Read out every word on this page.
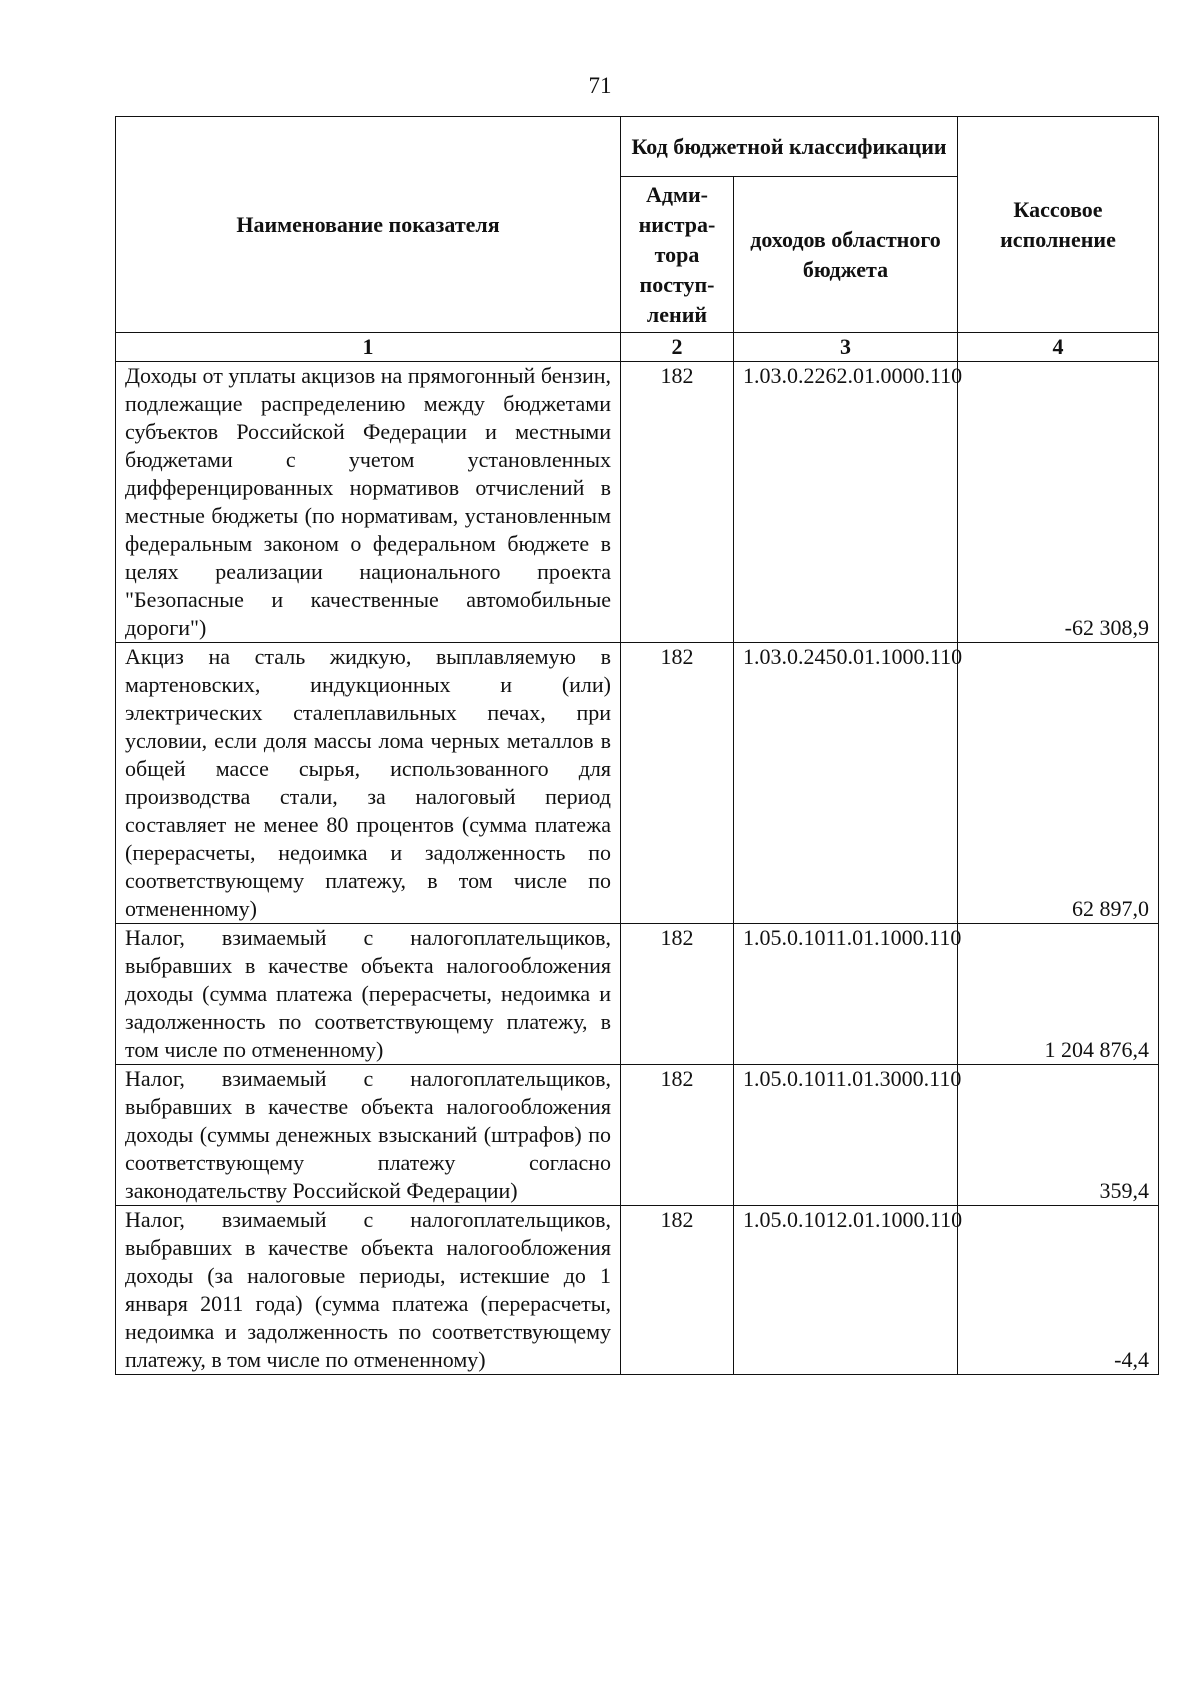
71
Наименование показателя	Код бюджетной классификации		Кассовое исполнение
	Адми-нистра-тора поступ-лений	доходов областного бюджета	
1	2	3	4
Доходы от уплаты акцизов на прямогонный бензин, подлежащие распределению между бюджетами субъектов Российской Федерации и местными бюджетами с учетом установленных дифференцированных нормативов отчислений в местные бюджеты (по нормативам, установленным федеральным законом о федеральном бюджете в целях реализации национального проекта "Безопасные и качественные автомобильные дороги")	182	1.03.0.2262.01.0000.110	-62 308,9
Акциз на сталь жидкую, выплавляемую в мартеновских, индукционных и (или) электрических сталеплавильных печах, при условии, если доля массы лома черных металлов в общей массе сырья, использованного для производства стали, за налоговый период составляет не менее 80 процентов (сумма платежа (перерасчеты, недоимка и задолженность по соответствующему платежу, в том числе по отмененному)	182	1.03.0.2450.01.1000.110	62 897,0
Налог, взимаемый с налогоплательщиков, выбравших в качестве объекта налогообложения доходы (сумма платежа (перерасчеты, недоимка и задолженность по соответствующему платежу, в том числе по отмененному)	182	1.05.0.1011.01.1000.110	1 204 876,4
Налог, взимаемый с налогоплательщиков, выбравших в качестве объекта налогообложения доходы (суммы денежных взысканий (штрафов) по соответствующему платежу согласно законодательству Российской Федерации)	182	1.05.0.1011.01.3000.110	359,4
Налог, взимаемый с налогоплательщиков, выбравших в качестве объекта налогообложения доходы (за налоговые периоды, истекшие до 1 января 2011 года) (сумма платежа (перерасчеты, недоимка и задолженность по соответствующему платежу, в том числе по отмененному)	182	1.05.0.1012.01.1000.110	-4,4
